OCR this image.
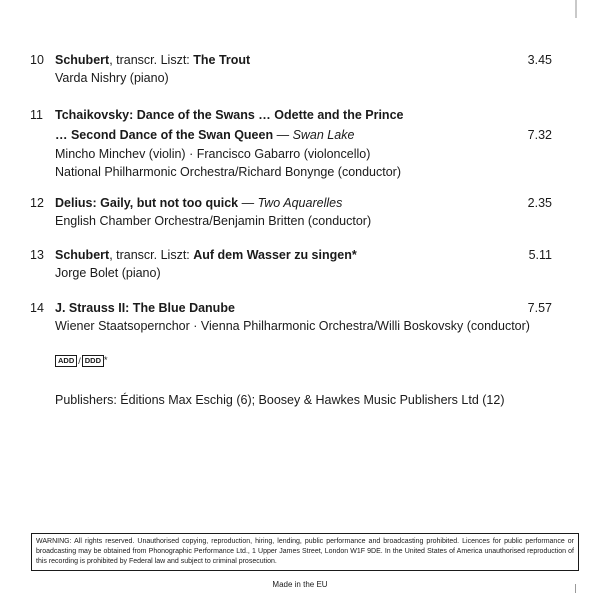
10 Schubert, transcr. Liszt: The Trout	3.45
Varda Nishry (piano)
11 Tchaikovsky: Dance of the Swans … Odette and the Prince
… Second Dance of the Swan Queen — Swan Lake	7.32
Mincho Minchev (violin) · Francisco Gabarro (violoncello)
National Philharmonic Orchestra/Richard Bonynge (conductor)
12 Delius: Gaily, but not too quick — Two Aquarelles	2.35
English Chamber Orchestra/Benjamin Britten (conductor)
13 Schubert, transcr. Liszt: Auf dem Wasser zu singen*	5.11
Jorge Bolet (piano)
14 J. Strauss II: The Blue Danube	7.57
Wiener Staatsopernchor · Vienna Philharmonic Orchestra/Willi Boskovsky (conductor)
ADD / DDD *
Publishers: Éditions Max Eschig (6); Boosey & Hawkes Music Publishers Ltd (12)
WARNING: All rights reserved. Unauthorised copying, reproduction, hiring, lending, public performance and broadcasting prohibited. Licences for public performance or broadcasting may be obtained from Phonographic Performance Ltd., 1 Upper James Street, London W1F 9DE. In the United States of America unauthorised reproduction of this recording is prohibited by Federal law and subject to criminal prosecution.
Made in the EU
